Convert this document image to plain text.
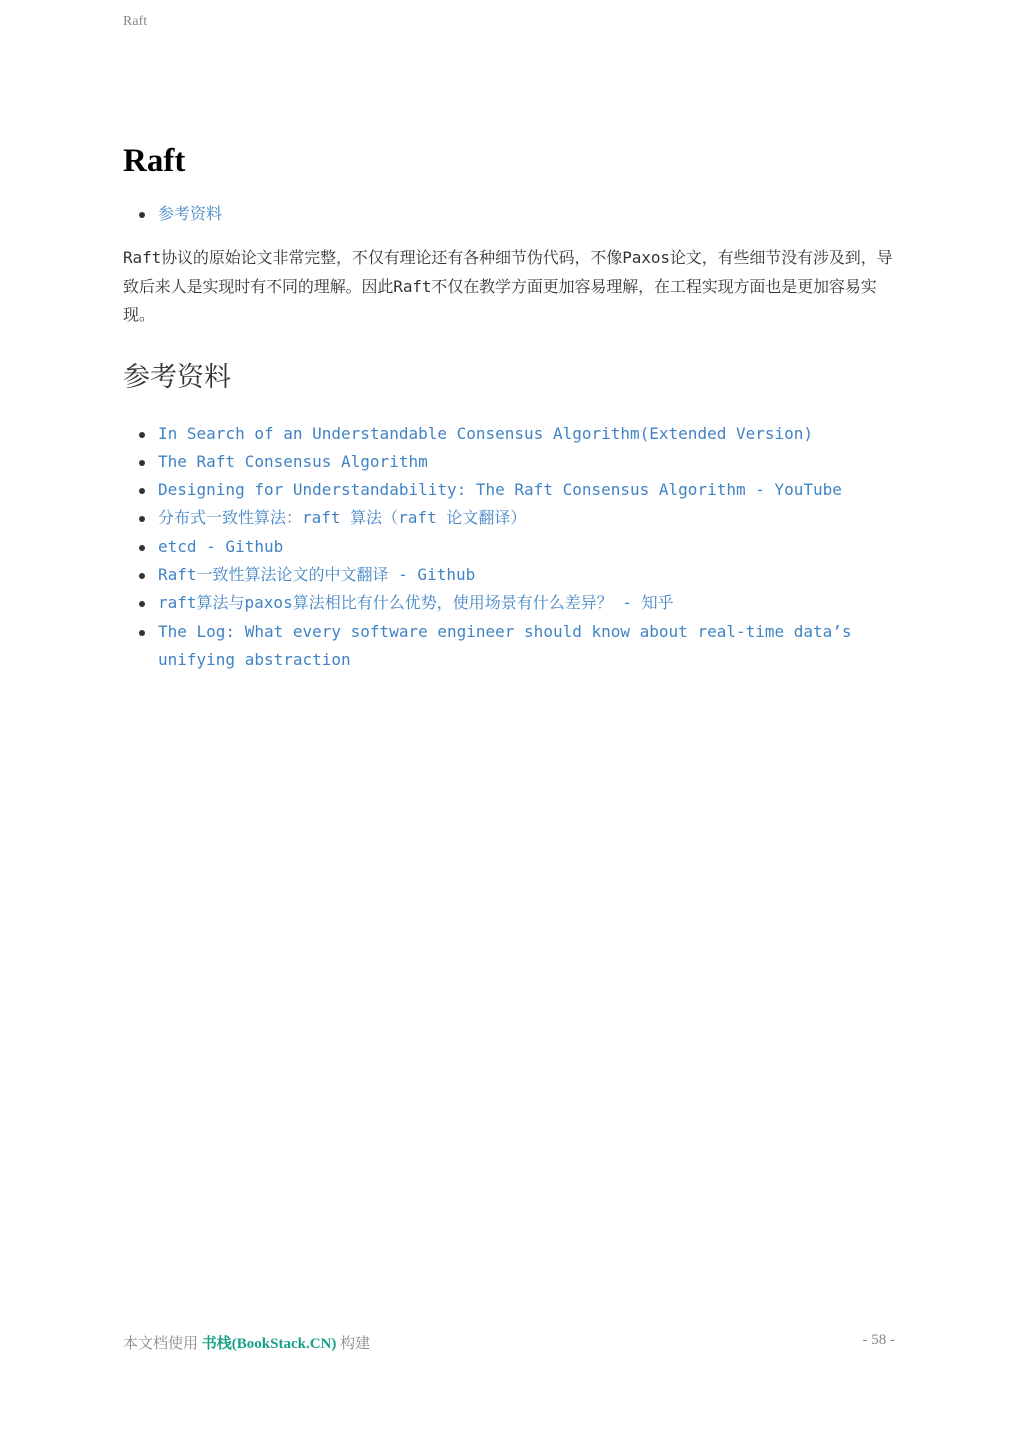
Raft
Raft
参考资料

Raft协议的原始论文非常完整，不仅有理论还有各种细节伪代码，不像Paxos论文，有些细节没有涉及到，导致后来人是实现时有不同的理解。因此Raft不仅在教学方面更加容易理解，在工程实现方面也是更加容易实现。

参考资料
In Search of an Understandable Consensus Algorithm(Extended Version)
The Raft Consensus Algorithm
Designing for Understandability: The Raft Consensus Algorithm - YouTube
分布式一致性算法：raft 算法（raft 论文翻译）
etcd - Github
Raft一致性算法论文的中文翻译 - Github
raft算法与paxos算法相比有什么优势，使用场景有什么差异？ - 知乎
The Log: What every software engineer should know about real-time data’s unifying abstraction
本文档使用 书栈(BookStack.CN) 构建	- 58 -
